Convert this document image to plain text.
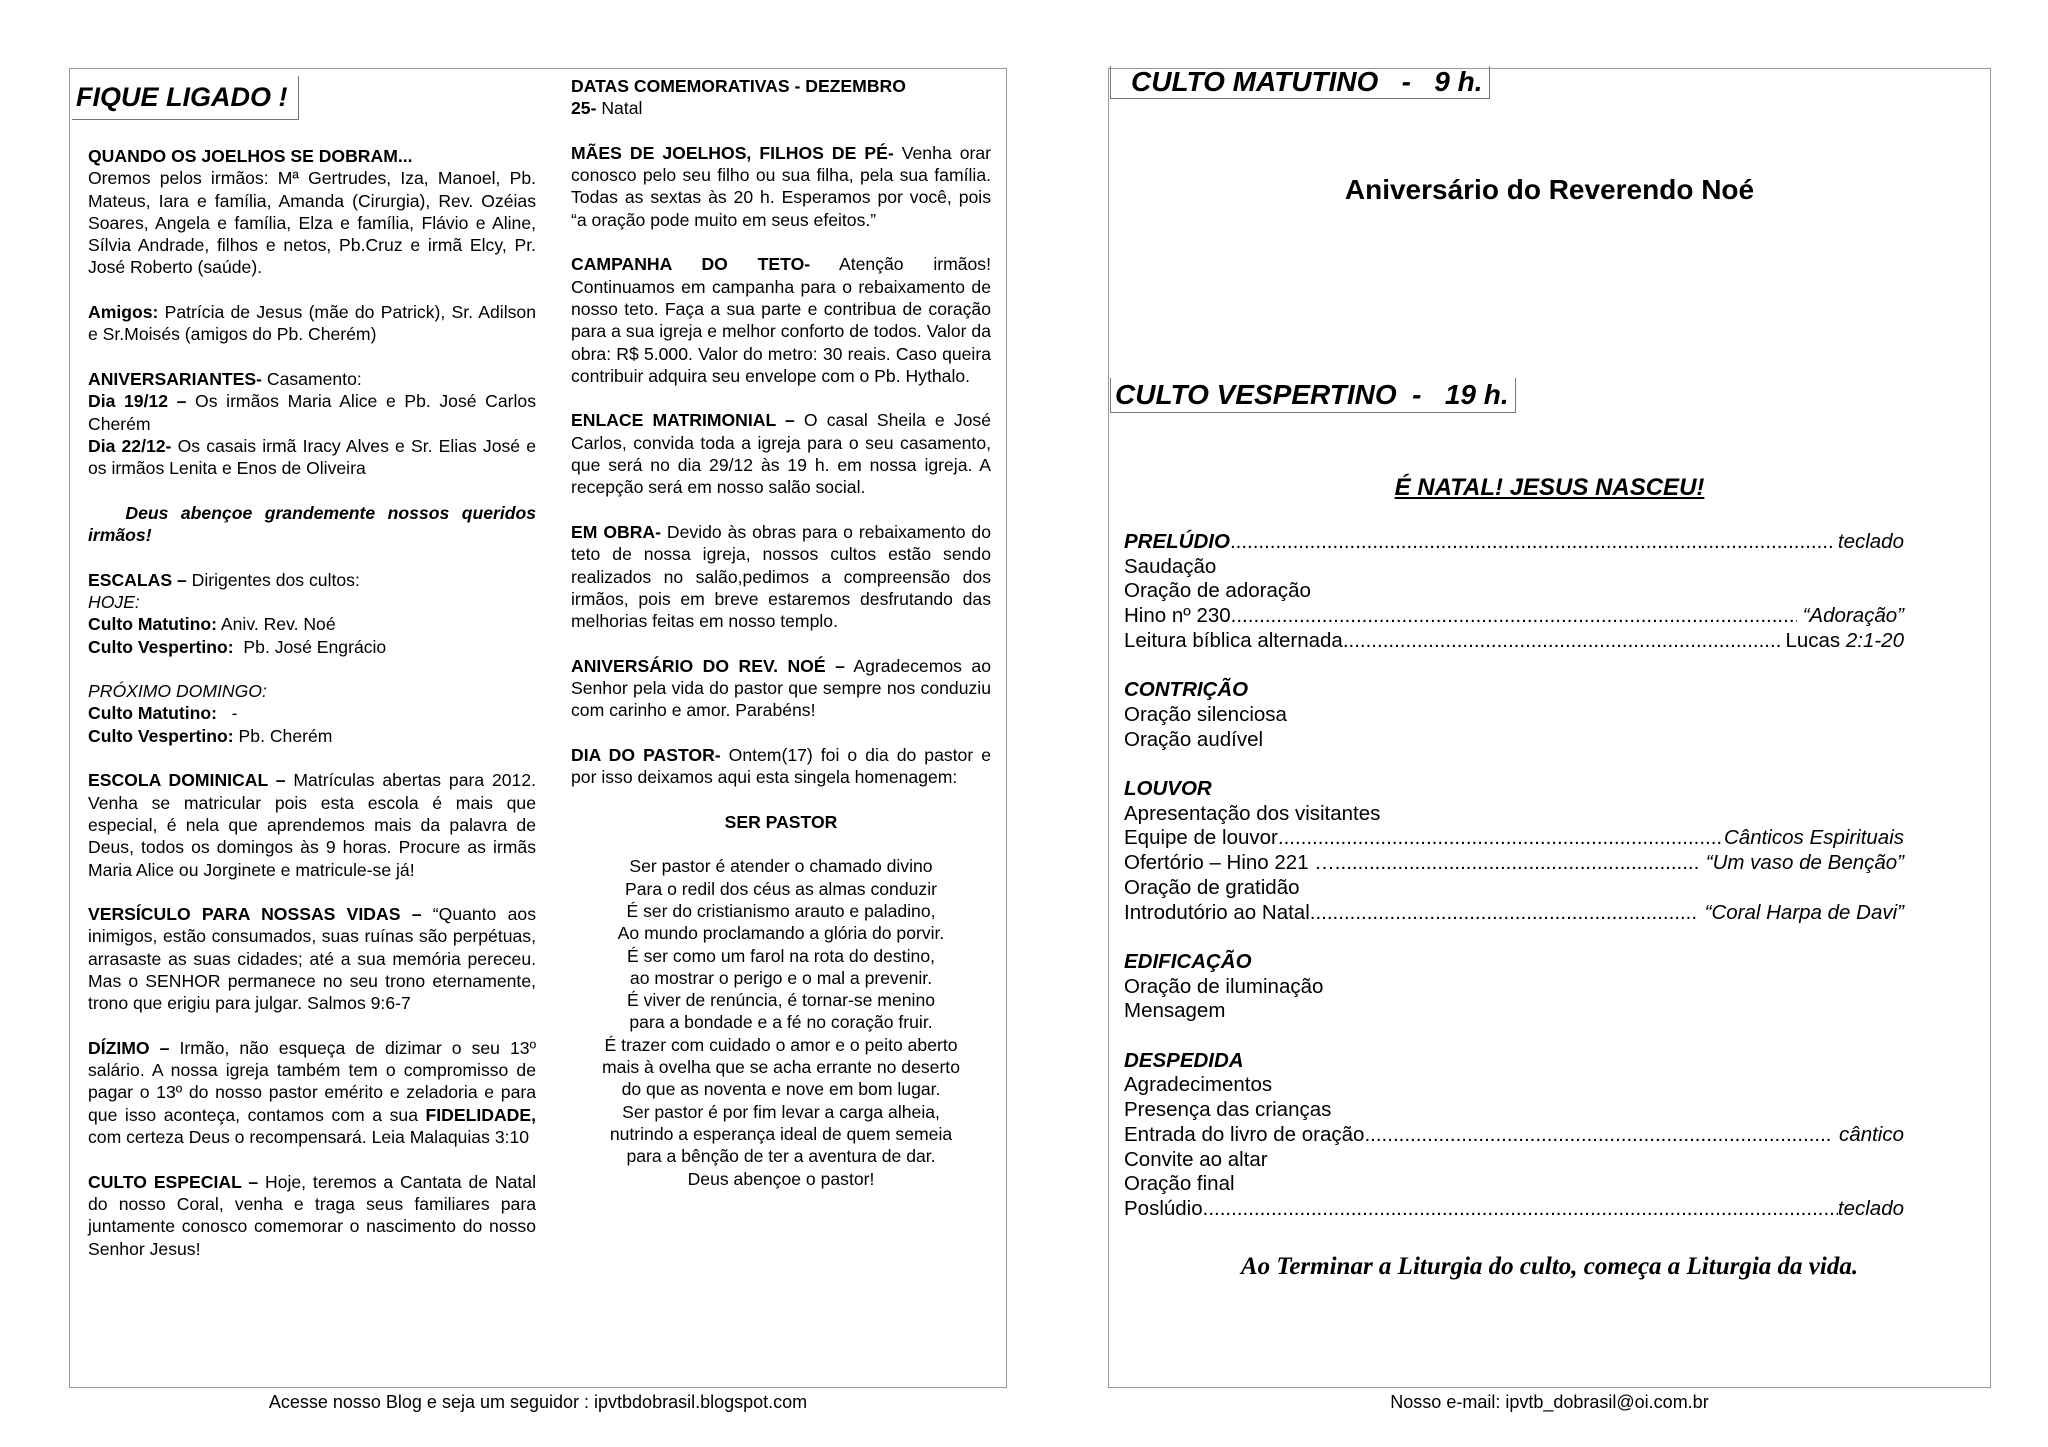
FIQUE LIGADO !

QUANDO OS JOELHOS SE DOBRAM...
Oremos pelos irmãos: Mª Gertrudes, Iza, Manoel, Pb. Mateus, Iara e família, Amanda (Cirurgia), Rev. Ozéias Soares, Angela e família, Elza e família, Flávio e Aline, Sílvia Andrade, filhos e netos, Pb.Cruz e irmã Elcy, Pr. José Roberto (saúde).

Amigos: Patrícia de Jesus (mãe do Patrick), Sr. Adilson e Sr.Moisés (amigos do Pb. Cherém)

ANIVERSARIANTES- Casamento:
Dia 19/12 – Os irmãos Maria Alice e Pb. José Carlos Cherém
Dia 22/12- Os casais irmã Iracy Alves e Sr. Elias José e os irmãos Lenita e Enos de Oliveira

Deus abençoe grandemente nossos queridos irmãos!

ESCALAS – Dirigentes dos cultos:
HOJE:
Culto Matutino: Aniv. Rev. Noé
Culto Vespertino:  Pb. José Engrácio

PRÓXIMO DOMINGO:
Culto Matutino:   -
Culto Vespertino: Pb. Cherém

ESCOLA DOMINICAL – Matrículas abertas para 2012. Venha se matricular pois esta escola é mais que especial, é nela que aprendemos mais da palavra de Deus, todos os domingos às 9 horas. Procure as irmãs Maria Alice ou Jorginete e matricule-se já!

VERSÍCULO PARA NOSSAS VIDAS – “Quanto aos inimigos, estão consumados, suas ruínas são perpétuas, arrasaste as suas cidades; até a sua memória pereceu. Mas o SENHOR permanece no seu trono eternamente, trono que erigiu para julgar. Salmos 9:6-7

DÍZIMO – Irmão, não esqueça de dizimar o seu 13º salário. A nossa igreja também tem o compromisso de pagar o 13º do nosso pastor emérito e zeladoria e para que isso aconteça, contamos com a sua FIDELIDADE, com certeza Deus o recompensará. Leia Malaquias 3:10

CULTO ESPECIAL – Hoje, teremos a Cantata de Natal do nosso Coral, venha e traga seus familiares para juntamente conosco comemorar o nascimento do nosso Senhor Jesus!

DATAS COMEMORATIVAS - DEZEMBRO
25- Natal

MÃES DE JOELHOS, FILHOS DE PÉ- Venha orar conosco pelo seu filho ou sua filha, pela sua família. Todas as sextas às 20 h. Esperamos por você, pois “a oração pode muito em seus efeitos.”

CAMPANHA DO TETO- Atenção irmãos! Continuamos em campanha para o rebaixamento de nosso teto. Faça a sua parte e contribua de coração para a sua igreja e melhor conforto de todos. Valor da obra: R$ 5.000. Valor do metro: 30 reais. Caso queira contribuir adquira seu envelope com o Pb. Hythalo.

ENLACE MATRIMONIAL – O casal Sheila e José Carlos, convida toda a igreja para o seu casamento, que será no dia 29/12 às 19 h. em nossa igreja. A recepção será em nosso salão social.

EM OBRA- Devido às obras para o rebaixamento do teto de nossa igreja, nossos cultos estão sendo realizados no salão,pedimos a compreensão dos irmãos, pois em breve estaremos desfrutando das melhorias feitas em nosso templo.

ANIVERSÁRIO DO REV. NOÉ – Agradecemos ao Senhor pela vida do pastor que sempre nos conduziu com carinho e amor. Parabéns!

DIA DO PASTOR- Ontem(17) foi o dia do pastor e por isso deixamos aqui esta singela homenagem:

SER PASTOR

Ser pastor é atender o chamado divino
Para o redil dos céus as almas conduzir
É ser do cristianismo arauto e paladino,
Ao mundo proclamando a glória do porvir.
É ser como um farol na rota do destino,
ao mostrar o perigo e o mal a prevenir.
É viver de renúncia, é tornar-se menino
para a bondade e a fé no coração fruir.
É trazer com cuidado o amor e o peito aberto
mais à ovelha que se acha errante no deserto
do que as noventa e nove em bom lugar.
Ser pastor é por fim levar a carga alheia,
nutrindo a esperança ideal de quem semeia
para a bênção de ter a aventura de dar.
Deus abençoe o pastor!
Acesse nosso Blog e seja um seguidor : ipvtbdobrasil.blogspot.com
CULTO MATUTINO   -   9 h.
Aniversário do Reverendo Noé
CULTO VESPERTINO  -   19 h.
É NATAL! JESUS NASCEU!
PRELÚDIO .....	teclado
Saudação
Oração de adoração
Hino nº 230 .....	“Adoração”
Leitura bíblica alternada .....	Lucas 2:1-20
CONTRIÇÃO
Oração silenciosa
Oração audível
LOUVOR
Apresentação dos visitantes
Equipe de louvor .....	Cânticos Espirituais
Ofertório – Hino 221 … .....	“Um vaso de Benção”
Oração de gratidão
Introdutório ao Natal .....	“Coral Harpa de Davi”
EDIFICAÇÃO
Oração de iluminação
Mensagem
DESPEDIDA
Agradecimentos
Presença das crianças
Entrada do livro de oração .....	cântico
Convite ao altar
Oração final
Poslúdio .....	teclado
Ao Terminar a Liturgia do culto, começa a Liturgia da vida.
Nosso e-mail: ipvtb_dobrasil@oi.com.br
